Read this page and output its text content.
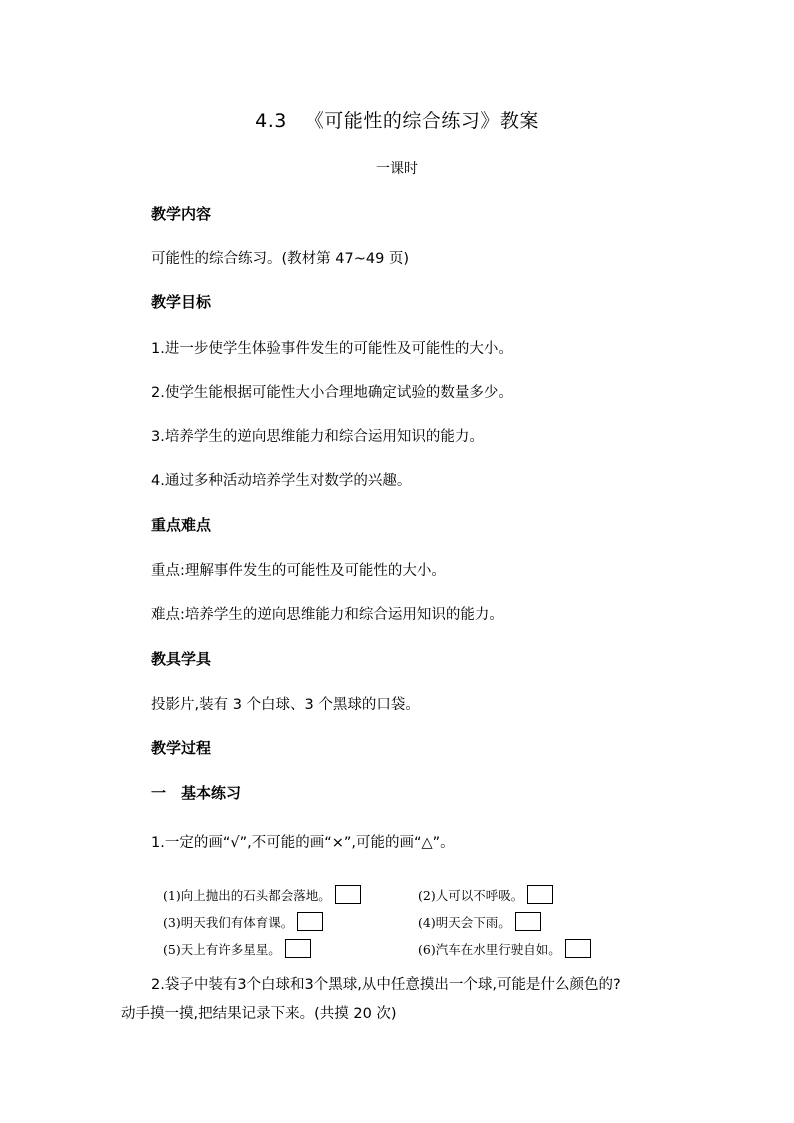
4.3 《可能性的综合练习》教案
一课时
教学内容
可能性的综合练习。(教材第 47~49 页)
教学目标
1.进一步使学生体验事件发生的可能性及可能性的大小。
2.使学生能根据可能性大小合理地确定试验的数量多少。
3.培养学生的逆向思维能力和综合运用知识的能力。
4.通过多种活动培养学生对数学的兴趣。
重点难点
重点:理解事件发生的可能性及可能性的大小。
难点:培养学生的逆向思维能力和综合运用知识的能力。
教具学具
投影片,装有 3 个白球、3 个黑球的口袋。
教学过程
一　基本练习
1.一定的画“√”,不可能的画“×”,可能的画“△”。
(1)向上抛出的石头都会落地。	(2)人可以不呼吸。
(3)明天我们有体育课。	(4)明天会下雨。
(5)天上有许多星星。	(6)汽车在水里行驶自如。
2.袋子中装有3个白球和3个黑球,从中任意摸出一个球,可能是什么颜色的?
动手摸一摸,把结果记录下来。(共摸 20 次)
